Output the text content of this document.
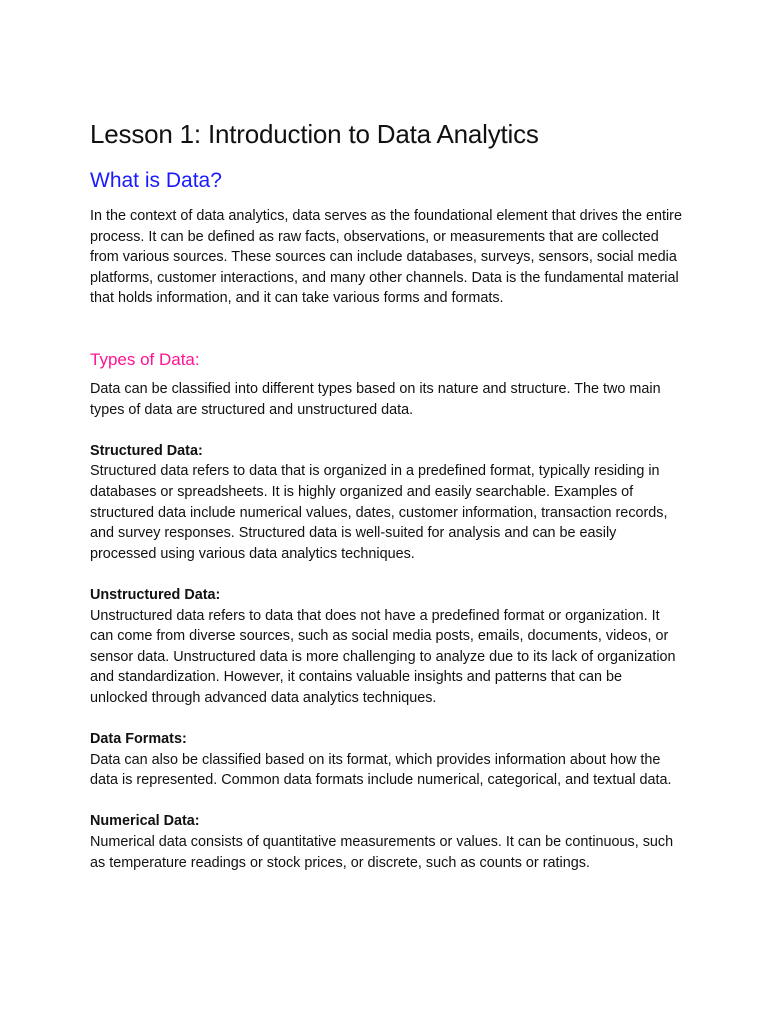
Lesson 1: Introduction to Data Analytics
What is Data?

In the context of data analytics, data serves as the foundational element that drives the entire process. It can be defined as raw facts, observations, or measurements that are collected from various sources. These sources can include databases, surveys, sensors, social media platforms, customer interactions, and many other channels. Data is the fundamental material that holds information, and it can take various forms and formats.

Types of Data:

Data can be classified into different types based on its nature and structure. The two main types of data are structured and unstructured data.

Structured Data:

Structured data refers to data that is organized in a predefined format, typically residing in databases or spreadsheets. It is highly organized and easily searchable. Examples of structured data include numerical values, dates, customer information, transaction records, and survey responses. Structured data is well-suited for analysis and can be easily processed using various data analytics techniques.

Unstructured Data:

Unstructured data refers to data that does not have a predefined format or organization. It can come from diverse sources, such as social media posts, emails, documents, videos, or sensor data. Unstructured data is more challenging to analyze due to its lack of organization and standardization. However, it contains valuable insights and patterns that can be unlocked through advanced data analytics techniques.

Data Formats:

Data can also be classified based on its format, which provides information about how the data is represented. Common data formats include numerical, categorical, and textual data.

Numerical Data:

Numerical data consists of quantitative measurements or values. It can be continuous, such as temperature readings or stock prices, or discrete, such as counts or ratings.
